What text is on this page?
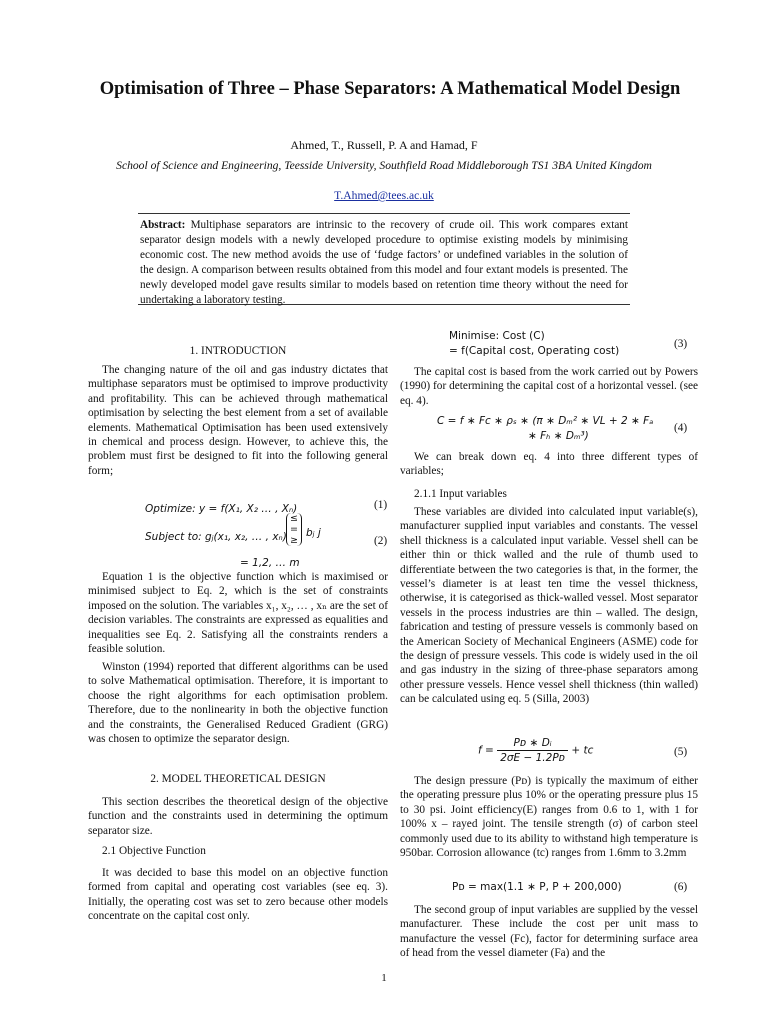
Optimisation of Three – Phase Separators: A Mathematical Model Design
Ahmed, T., Russell, P. A and Hamad, F
School of Science and Engineering, Teesside University, Southfield Road Middleborough TS1 3BA United Kingdom
T.Ahmed@tees.ac.uk
Abstract: Multiphase separators are intrinsic to the recovery of crude oil. This work compares extant separator design models with a newly developed procedure to optimise existing models by minimising economic cost. The new method avoids the use of ‘fudge factors’ or undefined variables in the solution of the design. A comparison between results obtained from this model and four extant models is presented. The newly developed model gave results similar to models based on retention time theory without the need for undertaking a laboratory testing.
1. INTRODUCTION
The changing nature of the oil and gas industry dictates that multiphase separators must be optimised to improve productivity and profitability. This can be achieved through mathematical optimisation by selecting the best element from a set of available elements. Mathematical Optimisation has been used extensively in chemical and process design. However, to achieve this, the problem must first be designed to fit into the following general form;
Optimize: y = f(X₁, X₂ … , Xₙ)	(1)
Subject to: gⱼ(x₁, x₂, … , xₙ)
≤ = ≥
bⱼ j
= 1,2, … m
(2)
Equation 1 is the objective function which is maximised or minimised subject to Eq. 2, which is the set of constraints imposed on the solution. The variables x₁, x₂, … , xₙ are the set of decision variables. The constraints are expressed as equalities and inequalities see Eq. 2. Satisfying all the constraints renders a feasible solution.
Winston (1994) reported that different algorithms can be used to solve Mathematical optimisation. Therefore, it is important to choose the right algorithms for each optimisation problem. Therefore, due to the nonlinearity in both the objective function and the constraints, the Generalised Reduced Gradient (GRG) was chosen to optimize the separator design.
2. MODEL THEORETICAL DESIGN
This section describes the theoretical design of the objective function and the constraints used in determining the optimum separator size.
2.1 Objective Function
It was decided to base this model on an objective function formed from capital and operating cost variables (see eq. 3). Initially, the operating cost was set to zero because other models concentrate on the capital cost only.
Minimise: Cost (C)
= f(Capital cost, Operating cost)
(3)
The capital cost is based from the work carried out by Powers (1990) for determining the capital cost of a horizontal vessel. (see eq. 4).
C = f ∗ Fᴄ ∗ ρₛ ∗ (π ∗ Dₘ² ∗ VL + 2 ∗ Fₐ
∗ Fₕ ∗ Dₘ³)
(4)
We can break down eq. 4 into three different types of variables;
2.1.1 Input variables
These variables are divided into calculated input variable(s), manufacturer supplied input variables and constants. The vessel shell thickness is a calculated input variable. Vessel shell can be either thin or thick walled and the rule of thumb used to differentiate between the two categories is that, in the former, the vessel’s diameter is at least ten time the vessel thickness, otherwise, it is categorised as thick-walled vessel. Most separator vessels in the process industries are thin – walled. The design, fabrication and testing of pressure vessels is commonly based on the American Society of Mechanical Engineers (ASME) code for the design of pressure vessels. This code is widely used in the oil and gas industry in the sizing of three-phase separators among other pressure vessels. Hence vessel shell thickness (thin walled) can be calculated using eq. 5 (Silla, 2003)
$f = \frac{\text{Pᴅ ∗ Dᵢ}}{\text{2σE − 1.2Pᴅ}}$ + tᴄ	(5)
The design pressure (Pᴅ) is typically the maximum of either the operating pressure plus 10% or the operating pressure plus 15 to 30 psi. Joint efficiency(E) ranges from 0.6 to 1, with 1 for 100% x – rayed joint. The tensile strength (σ) of carbon steel commonly used due to its ability to withstand high temperature is 950bar. Corrosion allowance (tc) ranges from 1.6mm to 3.2mm
Pᴅ = max(1.1 ∗ P, P + 200,000)	(6)
The second group of input variables are supplied by the vessel manufacturer. These include the cost per unit mass to manufacture the vessel (Fc), factor for determining surface area of head from the vessel diameter (Fa) and the
1
